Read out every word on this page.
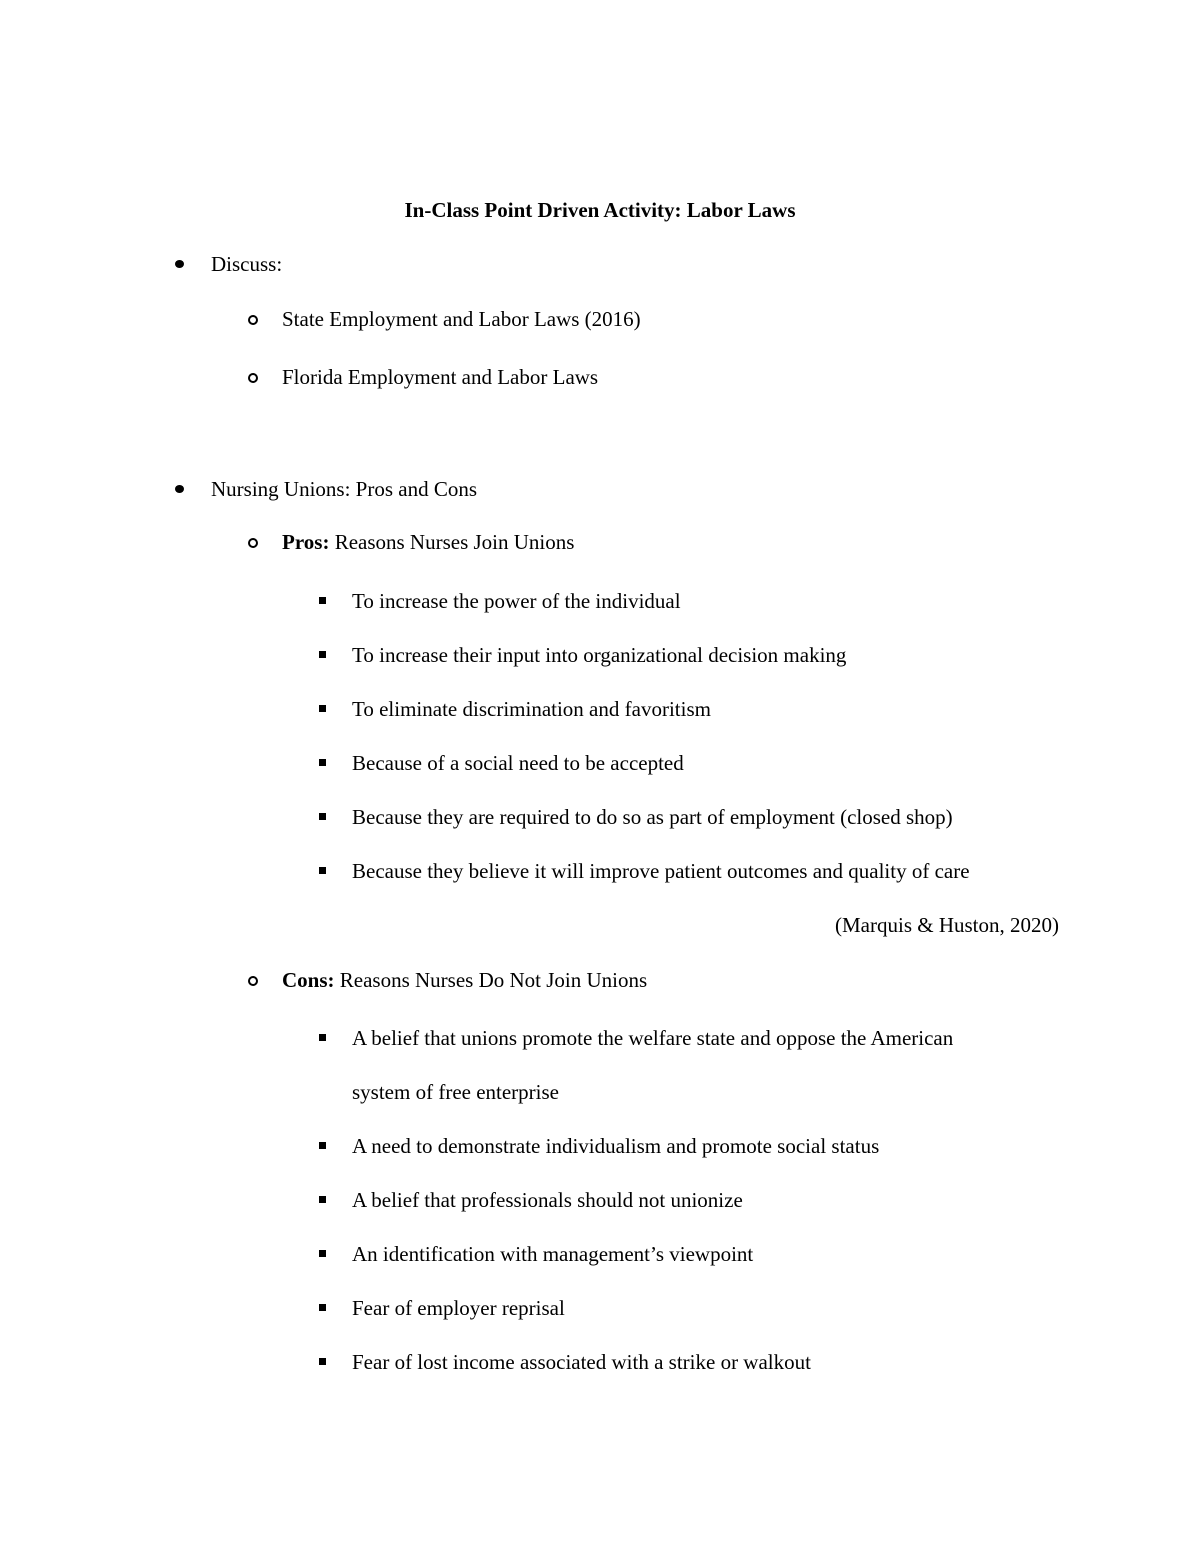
In-Class Point Driven Activity: Labor Laws
Discuss:
State Employment and Labor Laws (2016)
Florida Employment and Labor Laws
Nursing Unions: Pros and Cons
Pros: Reasons Nurses Join Unions
To increase the power of the individual
To increase their input into organizational decision making
To eliminate discrimination and favoritism
Because of a social need to be accepted
Because they are required to do so as part of employment (closed shop)
Because they believe it will improve patient outcomes and quality of care
(Marquis & Huston, 2020)
Cons: Reasons Nurses Do Not Join Unions
A belief that unions promote the welfare state and oppose the American
system of free enterprise
A need to demonstrate individualism and promote social status
A belief that professionals should not unionize
An identification with management’s viewpoint
Fear of employer reprisal
Fear of lost income associated with a strike or walkout
